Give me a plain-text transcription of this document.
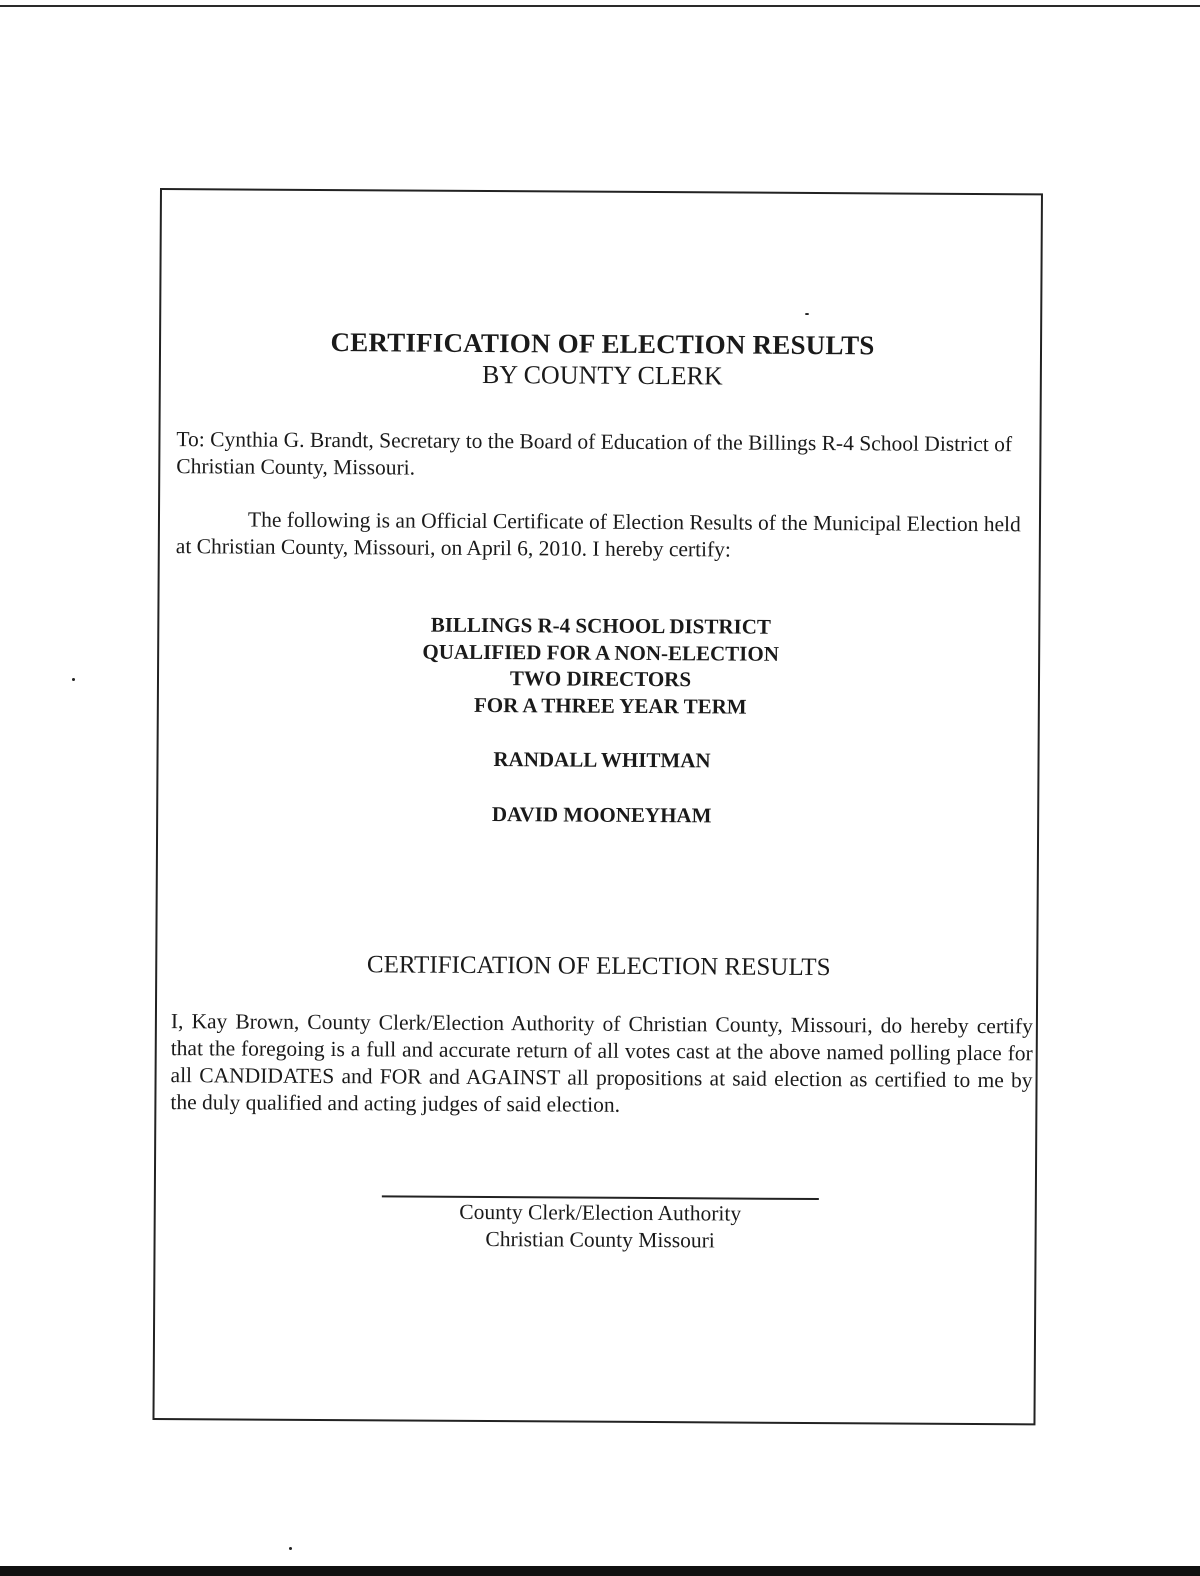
CERTIFICATION OF ELECTION RESULTS
BY COUNTY CLERK
To: Cynthia G. Brandt, Secretary to the Board of Education of the Billings R-4 School District of Christian County, Missouri.
The following is an Official Certificate of Election Results of the Municipal Election held at Christian County, Missouri, on April 6, 2010. I hereby certify:
BILLINGS R-4 SCHOOL DISTRICT
QUALIFIED FOR A NON-ELECTION
TWO DIRECTORS
FOR A THREE YEAR TERM
RANDALL WHITMAN
DAVID MOONEYHAM
CERTIFICATION OF ELECTION RESULTS
I, Kay Brown, County Clerk/Election Authority of Christian County, Missouri, do hereby certify that the foregoing is a full and accurate return of all votes cast at the above named polling place for all CANDIDATES and FOR and AGAINST all propositions at said election as certified to me by the duly qualified and acting judges of said election.
County Clerk/Election Authority
Christian County Missouri
